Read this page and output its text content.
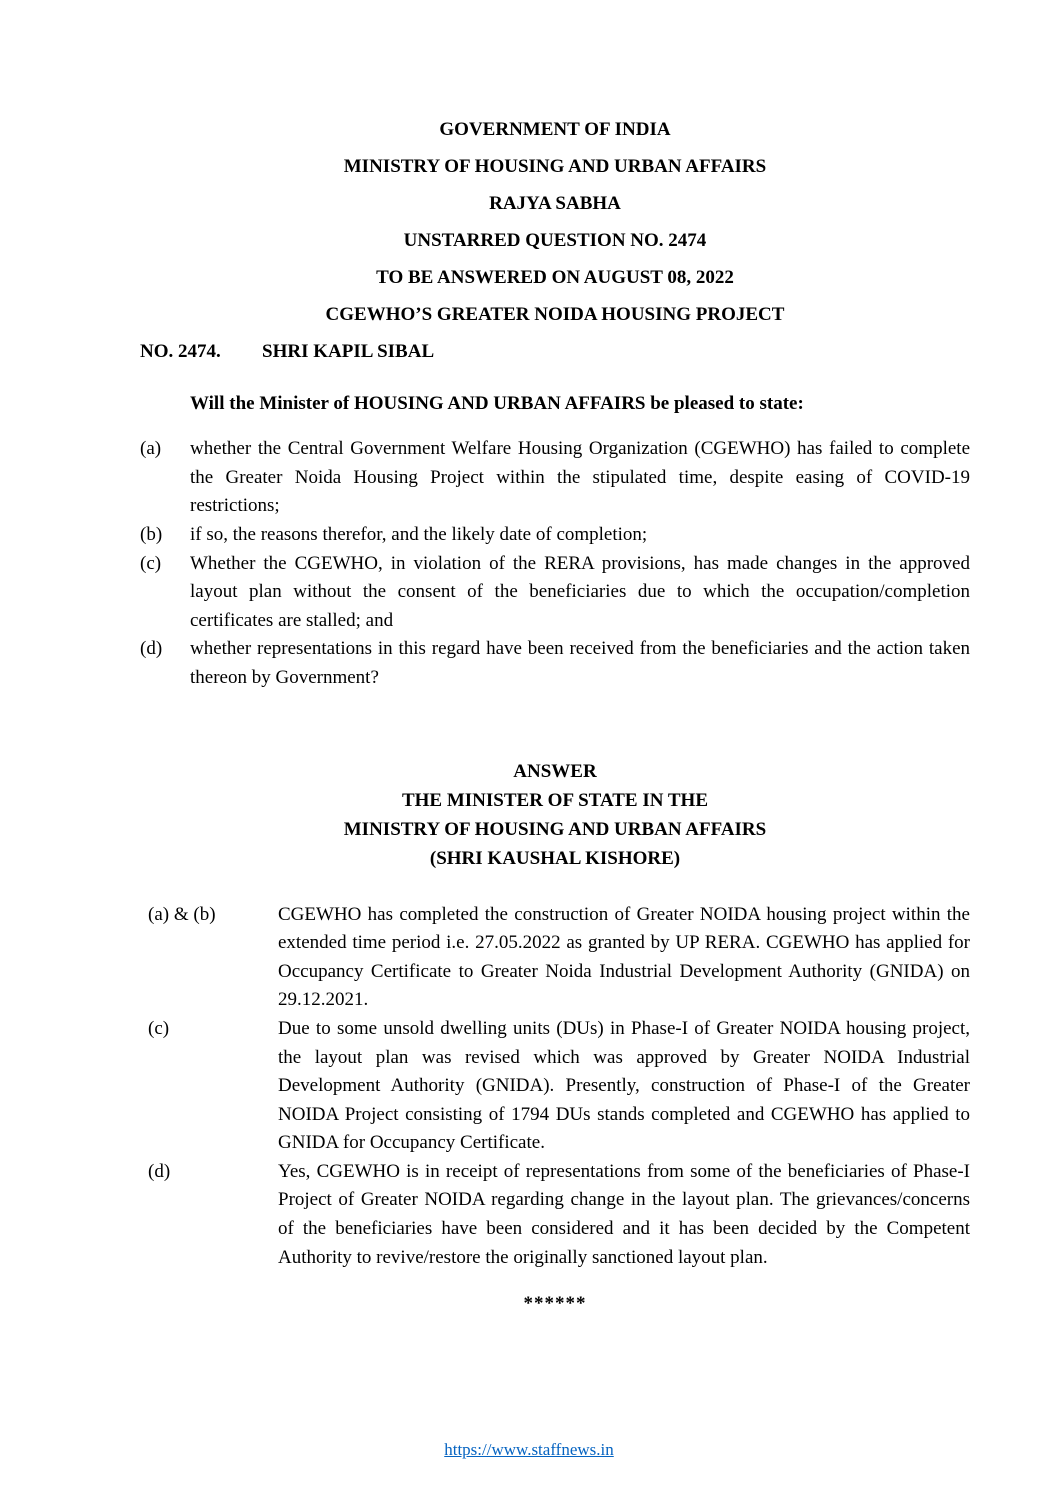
GOVERNMENT OF INDIA
MINISTRY OF HOUSING AND URBAN AFFAIRS
RAJYA SABHA
UNSTARRED QUESTION NO. 2474
TO BE ANSWERED ON AUGUST 08, 2022
CGEWHO’S GREATER NOIDA HOUSING PROJECT
NO. 2474.	SHRI KAPIL SIBAL
Will the Minister of HOUSING AND URBAN AFFAIRS be pleased to state:
(a)	whether the Central Government Welfare Housing Organization (CGEWHO) has failed to complete the Greater Noida Housing Project within the stipulated time, despite easing of COVID-19 restrictions;
(b)	if so, the reasons therefor, and the likely date of completion;
(c)	Whether the CGEWHO, in violation of the RERA provisions, has made changes in the approved layout plan without the consent of the beneficiaries due to which the occupation/completion certificates are stalled; and
(d)	whether representations in this regard have been received from the beneficiaries and the action taken thereon by Government?
ANSWER
THE MINISTER OF STATE IN THE
MINISTRY OF HOUSING AND URBAN AFFAIRS
(SHRI KAUSHAL KISHORE)
(a) & (b)	CGEWHO has completed the construction of Greater NOIDA housing project within the extended time period i.e. 27.05.2022 as granted by UP RERA. CGEWHO has applied for Occupancy Certificate to Greater Noida Industrial Development Authority (GNIDA) on 29.12.2021.
(c)	Due to some unsold dwelling units (DUs) in Phase-I of Greater NOIDA housing project, the layout plan was revised which was approved by Greater NOIDA Industrial Development Authority (GNIDA). Presently, construction of Phase-I of the Greater NOIDA Project consisting of 1794 DUs stands completed and CGEWHO has applied to GNIDA for Occupancy Certificate.
(d)	Yes, CGEWHO is in receipt of representations from some of the beneficiaries of Phase-I Project of Greater NOIDA regarding change in the layout plan. The grievances/concerns of the beneficiaries have been considered and it has been decided by the Competent Authority to revive/restore the originally sanctioned layout plan.
******
https://www.staffnews.in
